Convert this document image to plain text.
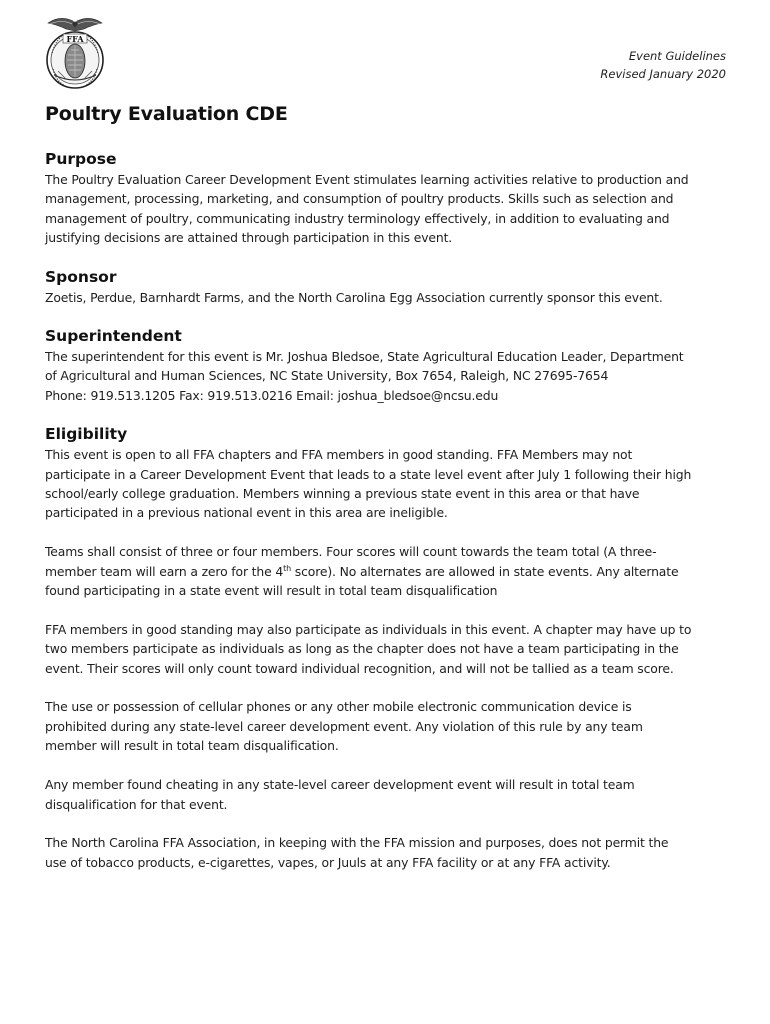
FFA
Event Guidelines
Revised January 2020
Poultry Evaluation CDE
Purpose

The Poultry Evaluation Career Development Event stimulates learning activities relative to production and
management, processing, marketing, and consumption of poultry products. Skills such as selection and
management of poultry, communicating industry terminology effectively, in addition to evaluating and
justifying decisions are attained through participation in this event.

Sponsor

Zoetis, Perdue, Barnhardt Farms, and the North Carolina Egg Association currently sponsor this event.

Superintendent

The superintendent for this event is Mr. Joshua Bledsoe, State Agricultural Education Leader, Department
of Agricultural and Human Sciences, NC State University, Box 7654, Raleigh, NC 27695-7654
Phone: 919.513.1205 Fax: 919.513.0216 Email: joshua_bledsoe@ncsu.edu

Eligibility

This event is open to all FFA chapters and FFA members in good standing. FFA Members may not
participate in a Career Development Event that leads to a state level event after July 1 following their high
school/early college graduation. Members winning a previous state event in this area or that have
participated in a previous national event in this area are ineligible.

Teams shall consist of three or four members. Four scores will count towards the team total (A three-
member team will earn a zero for the 4th score). No alternates are allowed in state events. Any alternate
found participating in a state event will result in total team disqualification

FFA members in good standing may also participate as individuals in this event. A chapter may have up to
two members participate as individuals as long as the chapter does not have a team participating in the
event. Their scores will only count toward individual recognition, and will not be tallied as a team score.

The use or possession of cellular phones or any other mobile electronic communication device is
prohibited during any state-level career development event. Any violation of this rule by any team
member will result in total team disqualification.

Any member found cheating in any state-level career development event will result in total team
disqualification for that event.

The North Carolina FFA Association, in keeping with the FFA mission and purposes, does not permit the
use of tobacco products, e-cigarettes, vapes, or Juuls at any FFA facility or at any FFA activity.
